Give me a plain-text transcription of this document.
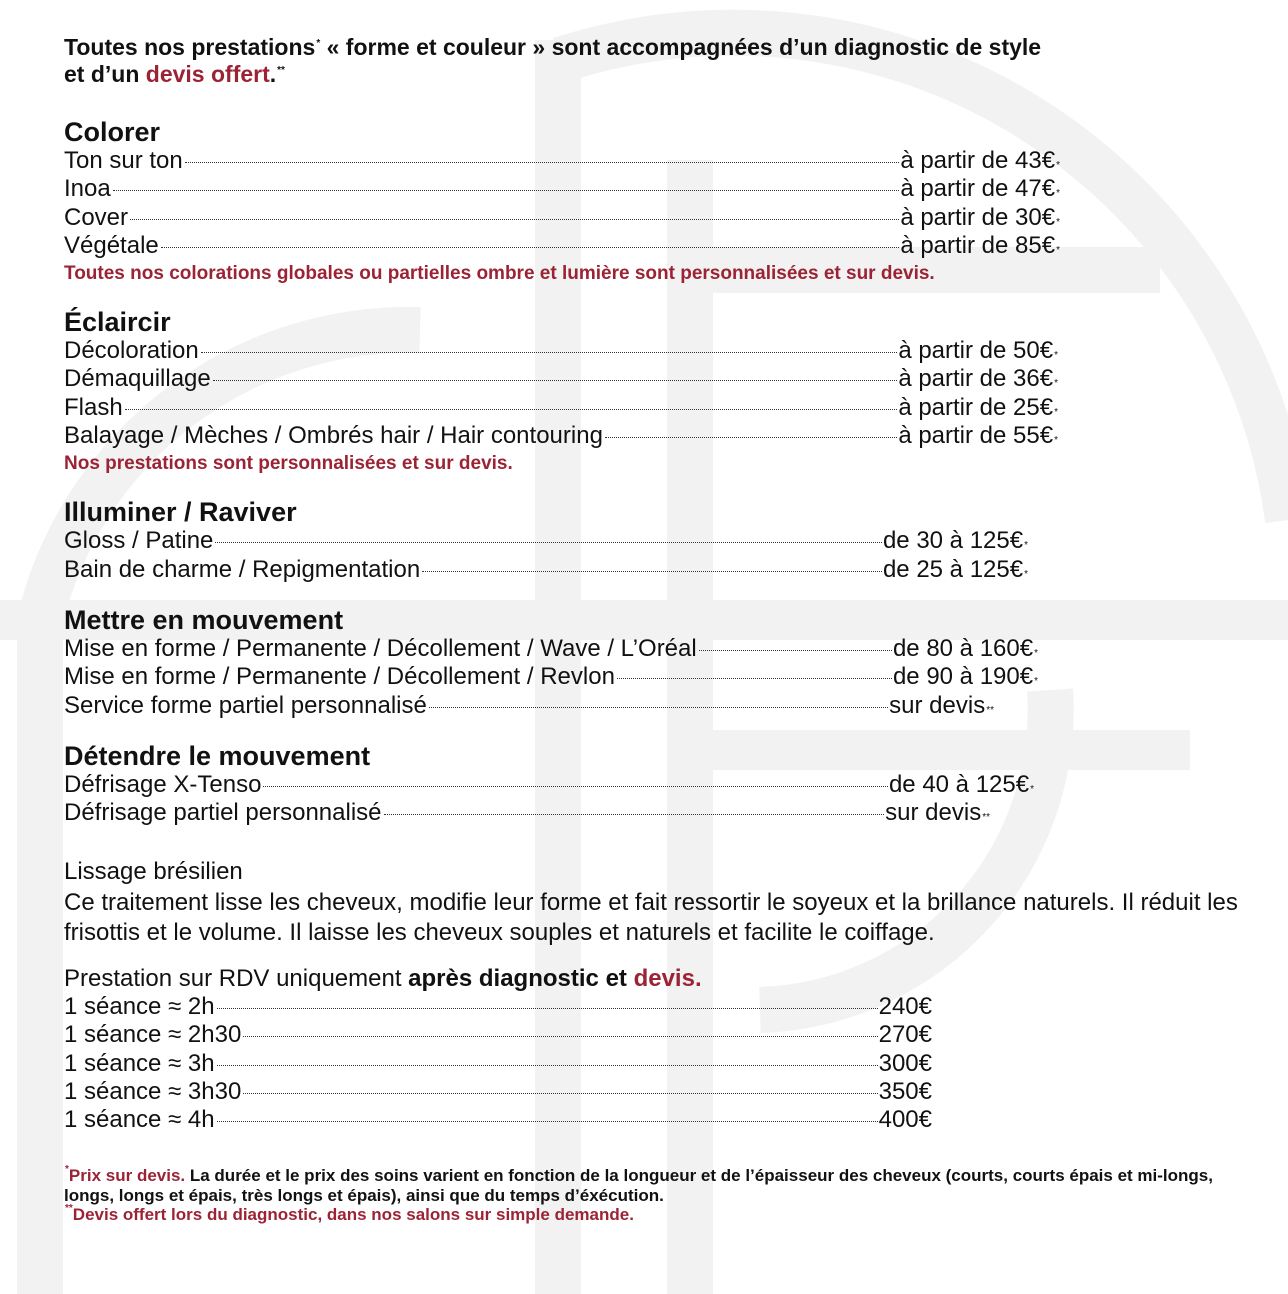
Toutes nos prestations* « forme et couleur » sont accompagnées d’un diagnostic de style
et d’un devis offert.**
Colorer
Ton sur ton	à partir de 43€ *
Inoa	à partir de 47€ *
Cover	à partir de 30€ *
Végétale	à partir de 85€ *

Toutes nos colorations globales ou partielles ombre et lumière sont personnalisées et sur devis.

Éclaircir
Décoloration	à partir de 50€ *
Démaquillage	à partir de 36€ *
Flash	à partir de 25€ *
Balayage / Mèches / Ombrés hair / Hair contouring	à partir de 55€ *

Nos prestations sont personnalisées et sur devis.

Illuminer / Raviver
Gloss / Patine	de 30 à 125€ *
Bain de charme / Repigmentation	de 25 à 125€ *
Mettre en mouvement
Mise en forme / Permanente / Décollement / Wave / L’Oréal	de 80 à 160€ *
Mise en forme / Permanente / Décollement / Revlon	de 90 à 190€ *
Service forme partiel personnalisé	sur devis **
Détendre le mouvement
Défrisage X-Tenso	de 40 à 125€ *
Défrisage partiel personnalisé	sur devis **

Lissage brésilien

Ce traitement lisse les cheveux, modifie leur forme et fait ressortir le soyeux et la brillance naturels. Il réduit les frisottis et le volume. Il laisse les cheveux souples et naturels et facilite le coiffage.

Prestation sur RDV uniquement après diagnostic et devis.

1 séance ≈ 2h	240€
1 séance ≈ 2h30	270€
1 séance ≈ 3h	300€
1 séance ≈ 3h30	350€
1 séance ≈ 4h	400€

*Prix sur devis. La durée et le prix des soins varient en fonction de la longueur et de l’épaisseur des cheveux (courts, courts épais et mi-longs, longs, longs et épais, très longs et épais), ainsi que du temps d’éxécution.

**Devis offert lors du diagnostic, dans nos salons sur simple demande.
